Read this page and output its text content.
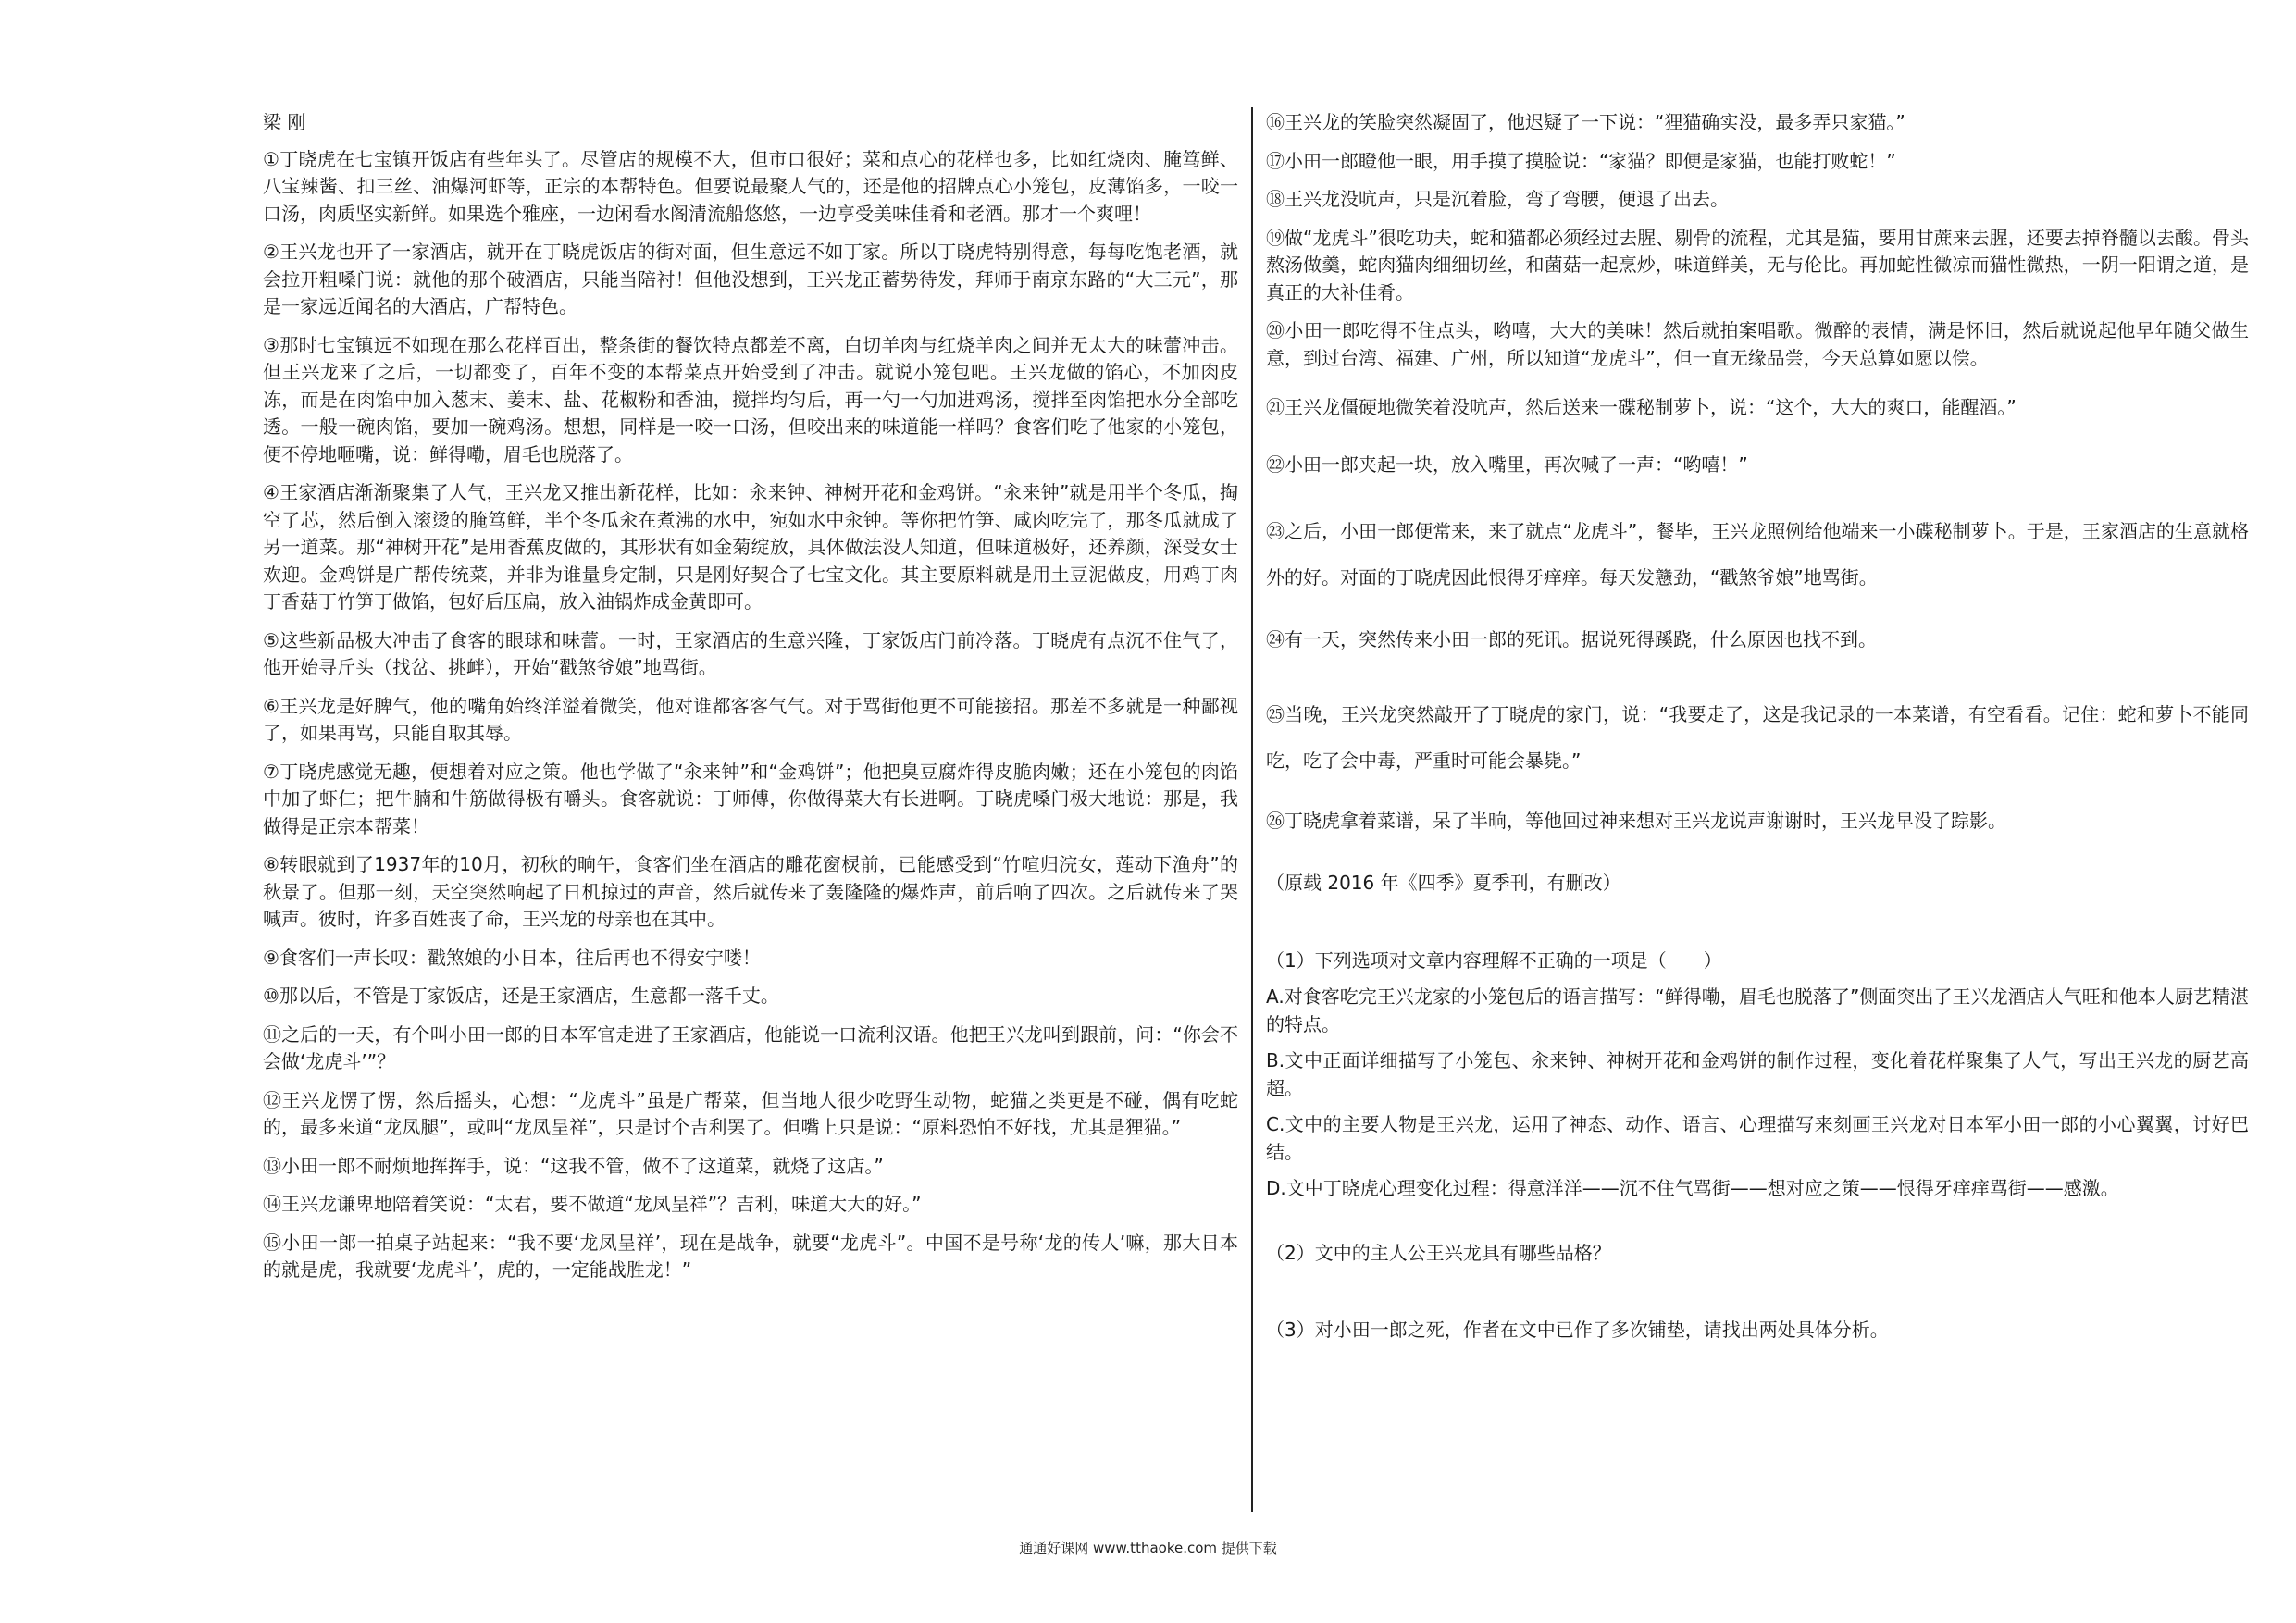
梁 刚

①丁晓虎在七宝镇开饭店有些年头了。尽管店的规模不大，但市口很好；菜和点心的花样也多，比如红烧肉、腌笃鲜、八宝辣酱、扣三丝、油爆河虾等，正宗的本帮特色。但要说最聚人气的，还是他的招牌点心小笼包，皮薄馅多，一咬一口汤，肉质坚实新鲜。如果选个雅座，一边闲看水阁清流船悠悠，一边享受美味佳肴和老酒。那才一个爽哩！

②王兴龙也开了一家酒店，就开在丁晓虎饭店的街对面，但生意远不如丁家。所以丁晓虎特别得意，每每吃饱老酒，就会拉开粗嗓门说：就他的那个破酒店，只能当陪衬！但他没想到，王兴龙正蓄势待发，拜师于南京东路的“大三元”，那是一家远近闻名的大酒店，广帮特色。

③那时七宝镇远不如现在那么花样百出，整条街的餐饮特点都差不离，白切羊肉与红烧羊肉之间并无太大的味蕾冲击。但王兴龙来了之后，一切都变了，百年不变的本帮菜点开始受到了冲击。就说小笼包吧。王兴龙做的馅心，不加肉皮冻，而是在肉馅中加入葱末、姜末、盐、花椒粉和香油，搅拌均匀后，再一勺一勺加进鸡汤，搅拌至肉馅把水分全部吃透。一般一碗肉馅，要加一碗鸡汤。想想，同样是一咬一口汤，但咬出来的味道能一样吗？食客们吃了他家的小笼包，便不停地咂嘴，说：鲜得嘞，眉毛也脱落了。

④王家酒店渐渐聚集了人气，王兴龙又推出新花样，比如：汆来钟、神树开花和金鸡饼。“汆来钟”就是用半个冬瓜，掏空了芯，然后倒入滚烫的腌笃鲜，半个冬瓜汆在煮沸的水中，宛如水中汆钟。等你把竹笋、咸肉吃完了，那冬瓜就成了另一道菜。那“神树开花”是用香蕉皮做的，其形状有如金菊绽放，具体做法没人知道，但味道极好，还养颜，深受女士欢迎。金鸡饼是广帮传统菜，并非为谁量身定制，只是刚好契合了七宝文化。其主要原料就是用土豆泥做皮，用鸡丁肉丁香菇丁竹笋丁做馅，包好后压扁，放入油锅炸成金黄即可。

⑤这些新品极大冲击了食客的眼球和味蕾。一时，王家酒店的生意兴隆，丁家饭店门前冷落。丁晓虎有点沉不住气了，他开始寻斤头（找岔、挑衅），开始“戳煞爷娘”地骂街。

⑥王兴龙是好脾气，他的嘴角始终洋溢着微笑，他对谁都客客气气。对于骂街他更不可能接招。那差不多就是一种鄙视了，如果再骂，只能自取其辱。

⑦丁晓虎感觉无趣，便想着对应之策。他也学做了“汆来钟”和“金鸡饼”；他把臭豆腐炸得皮脆肉嫩；还在小笼包的肉馅中加了虾仁；把牛腩和牛筋做得极有嚼头。食客就说：丁师傅，你做得菜大有长进啊。丁晓虎嗓门极大地说：那是，我做得是正宗本帮菜！

⑧转眼就到了1937年的10月，初秋的晌午，食客们坐在酒店的雕花窗棂前，已能感受到“竹喧归浣女，莲动下渔舟”的秋景了。但那一刻，天空突然响起了日机掠过的声音，然后就传来了轰隆隆的爆炸声，前后响了四次。之后就传来了哭喊声。彼时，许多百姓丧了命，王兴龙的母亲也在其中。

⑨食客们一声长叹：戳煞娘的小日本，往后再也不得安宁喽！

⑩那以后，不管是丁家饭店，还是王家酒店，生意都一落千丈。

⑪之后的一天，有个叫小田一郎的日本军官走进了王家酒店，他能说一口流利汉语。他把王兴龙叫到跟前，问：“你会不会做‘龙虎斗’”？

⑫王兴龙愣了愣，然后摇头，心想：“龙虎斗”虽是广帮菜，但当地人很少吃野生动物，蛇猫之类更是不碰，偶有吃蛇的，最多来道“龙凤腿”，或叫“龙凤呈祥”，只是讨个吉利罢了。但嘴上只是说：“原料恐怕不好找，尤其是狸猫。”

⑬小田一郎不耐烦地挥挥手，说：“这我不管，做不了这道菜，就烧了这店。”

⑭王兴龙谦卑地陪着笑说：“太君，要不做道“龙凤呈祥”？吉利，味道大大的好。”

⑮小田一郎一拍桌子站起来：“我不要‘龙凤呈祥’，现在是战争，就要“龙虎斗”。中国不是号称‘龙的传人’嘛，那大日本的就是虎，我就要‘龙虎斗’，虎的，一定能战胜龙！”

⑯王兴龙的笑脸突然凝固了，他迟疑了一下说：“狸猫确实没，最多弄只家猫。”

⑰小田一郎瞪他一眼，用手摸了摸脸说：“家猫？即便是家猫，也能打败蛇！”

⑱王兴龙没吭声，只是沉着脸，弯了弯腰，便退了出去。

⑲做“龙虎斗”很吃功夫，蛇和猫都必须经过去腥、剔骨的流程，尤其是猫，要用甘蔗来去腥，还要去掉脊髓以去酸。骨头熬汤做羹，蛇肉猫肉细细切丝，和菌菇一起烹炒，味道鲜美，无与伦比。再加蛇性微凉而猫性微热，一阴一阳谓之道，是真正的大补佳肴。

⑳小田一郎吃得不住点头，哟嘻，大大的美味！然后就拍案唱歌。微醉的表情，满是怀旧，然后就说起他早年随父做生意，到过台湾、福建、广州，所以知道“龙虎斗”，但一直无缘品尝，今天总算如愿以偿。

㉑王兴龙僵硬地微笑着没吭声，然后送来一碟秘制萝卜，说：“这个，大大的爽口，能醒酒。”

㉒小田一郎夹起一块，放入嘴里，再次喊了一声：“哟嘻！”

㉓之后，小田一郎便常来，来了就点“龙虎斗”，餐毕，王兴龙照例给他端来一小碟秘制萝卜。于是，王家酒店的生意就格外的好。对面的丁晓虎因此恨得牙痒痒。每天发戆劲，“戳煞爷娘”地骂街。

㉔有一天，突然传来小田一郎的死讯。据说死得蹊跷，什么原因也找不到。

㉕当晚，王兴龙突然敲开了丁晓虎的家门，说：“我要走了，这是我记录的一本菜谱，有空看看。记住：蛇和萝卜不能同吃，吃了会中毒，严重时可能会暴毙。”

㉖丁晓虎拿着菜谱，呆了半晌，等他回过神来想对王兴龙说声谢谢时，王兴龙早没了踪影。

（原载 2016 年《四季》夏季刊，有删改）

（1）下列选项对文章内容理解不正确的一项是（　　）

A.对食客吃完王兴龙家的小笼包后的语言描写：“鲜得嘞，眉毛也脱落了”侧面突出了王兴龙酒店人气旺和他本人厨艺精湛的特点。

B.文中正面详细描写了小笼包、汆来钟、神树开花和金鸡饼的制作过程，变化着花样聚集了人气，写出王兴龙的厨艺高超。

C.文中的主要人物是王兴龙，运用了神态、动作、语言、心理描写来刻画王兴龙对日本军小田一郎的小心翼翼，讨好巴结。

D.文中丁晓虎心理变化过程：得意洋洋——沉不住气骂街——想对应之策——恨得牙痒痒骂街——感激。

（2）文中的主人公王兴龙具有哪些品格？

（3）对小田一郎之死，作者在文中已作了多次铺垫，请找出两处具体分析。

通通好课网 www.tthaoke.com 提供下载
